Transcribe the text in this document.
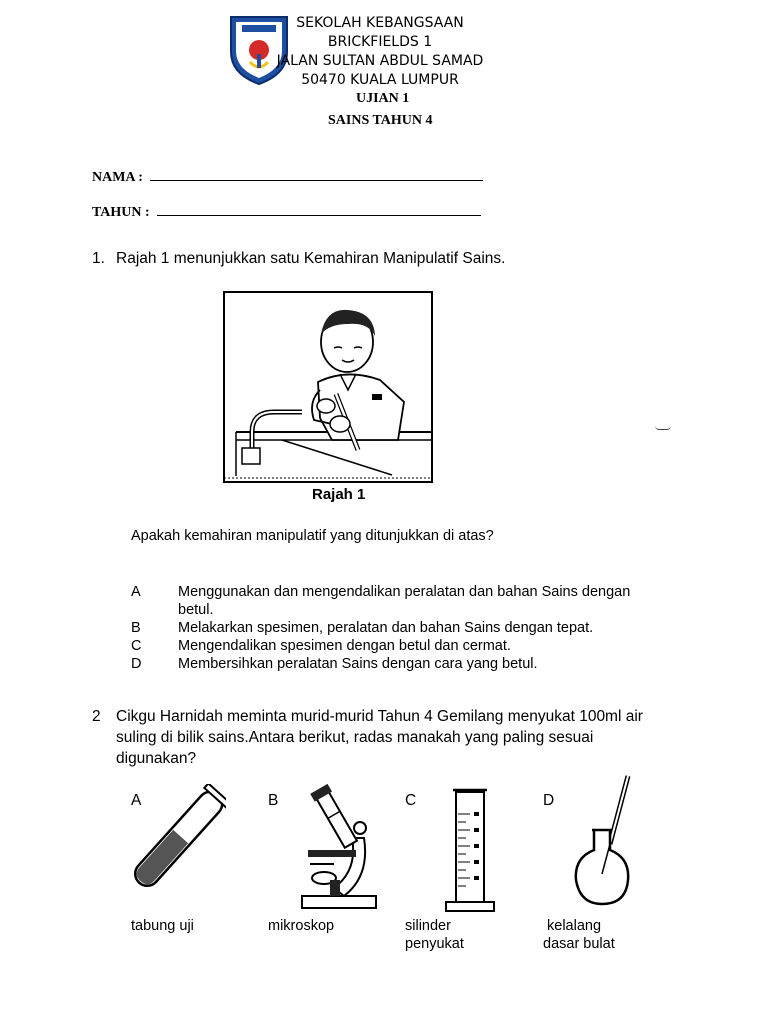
SEKOLAH KEBANGSAAN
BRICKFIELDS 1
JALAN SULTAN ABDUL SAMAD
50470 KUALA LUMPUR
UJIAN 1
SAINS TAHUN 4
NAMA :
TAHUN :
1. Rajah 1 menunjukkan satu Kemahiran Manipulatif Sains.
Rajah 1
Apakah kemahiran manipulatif yang ditunjukkan di atas?
A	Menggunakan dan mengendalikan peralatan dan bahan Sains dengan
betul.
B	Melakarkan spesimen, peralatan dan bahan Sains dengan tepat.
C	Mengendalikan spesimen dengan betul dan cermat.
D	Membersihkan peralatan Sains dengan cara yang betul.
2 Cikgu Harnidah meminta murid-murid Tahun 4 Gemilang menyukat 100ml air
suling di bilik sains.Antara berikut, radas manakah yang paling sesuai
digunakan?
A	B	C	D
tabung uji	mikroskop	silinder
penyukat
kelalang
dasar bulat
